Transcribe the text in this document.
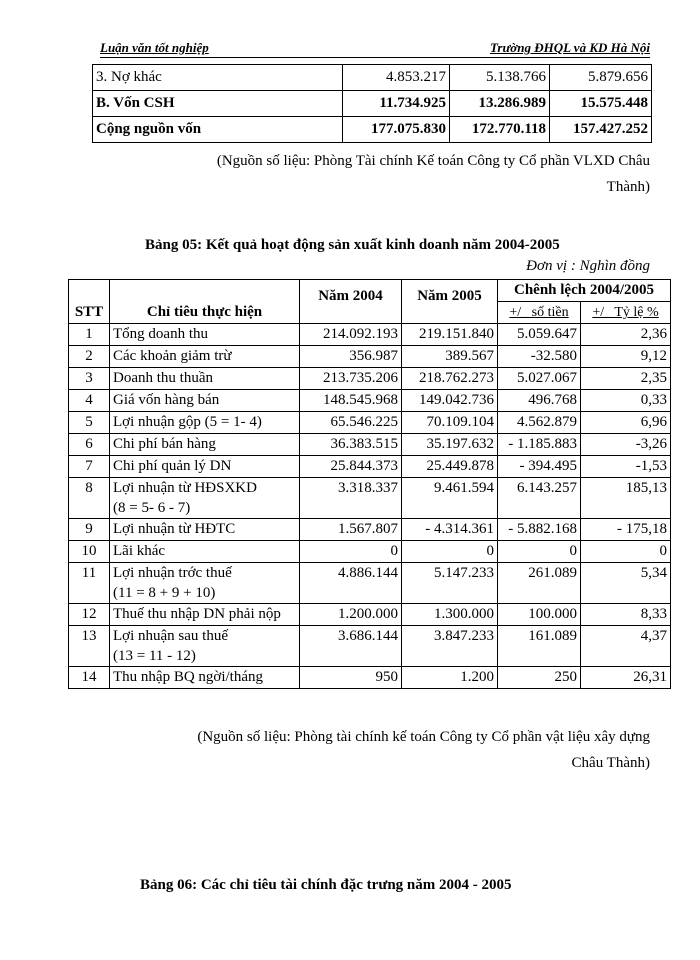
Luận văn tốt nghiệp	Trường ĐHQL và KD Hà Nội
3. Nợ khác	4.853.217	5.138.766	5.879.656
B. Vốn CSH	11.734.925	13.286.989	15.575.448
Cộng nguồn vốn	177.075.830	172.770.118	157.427.252
(Nguồn số liệu: Phòng Tài chính Kế toán Công ty Cổ phần VLXD Châu
Thành)
Bảng 05: Kết quả hoạt động sản xuất kinh doanh năm 2004-2005
Đơn vị : Nghìn đồng
STT	Chỉ tiêu thực hiện	Năm 2004	Năm 2005	Chênh lệch 2004/2005	
				+/_ số tiền	+/_ Tỷ lệ %
1	Tổng doanh thu	214.092.193	219.151.840	5.059.647	2,36
2	Các khoản giảm trừ	356.987	389.567	-32.580	9,12
3	Doanh thu thuần	213.735.206	218.762.273	5.027.067	2,35
4	Giá vốn hàng bán	148.545.968	149.042.736	496.768	0,33
5	Lợi nhuận gộp (5 = 1- 4)	65.546.225	70.109.104	4.562.879	6,96
6	Chi phí bán hàng	36.383.515	35.197.632	- 1.185.883	-3,26
7	Chi phí quản lý DN	25.844.373	25.449.878	- 394.495	-1,53
8	Lợi nhuận từ HĐSXKD
(8 = 5- 6 - 7)	3.318.337	9.461.594	6.143.257	185,13
9	Lợi nhuận từ HĐTC	1.567.807	- 4.314.361	- 5.882.168	- 175,18
10	Lãi khác	0	0	0	0
11	Lợi nhuận trớc thuế
(11 = 8 + 9 + 10)	4.886.144	5.147.233	261.089	5,34
12	Thuế thu nhập DN phải nộp	1.200.000	1.300.000	100.000	8,33
13	Lợi nhuận sau thuế
(13 = 11 - 12)	3.686.144	3.847.233	161.089	4,37
14	Thu nhập BQ ngời/tháng	950	1.200	250	26,31
(Nguồn số liệu: Phòng tài chính kế toán Công ty Cổ phần vật liệu xây dựng
Châu Thành)
Bảng 06: Các chỉ tiêu tài chính đặc trưng năm 2004 - 2005
